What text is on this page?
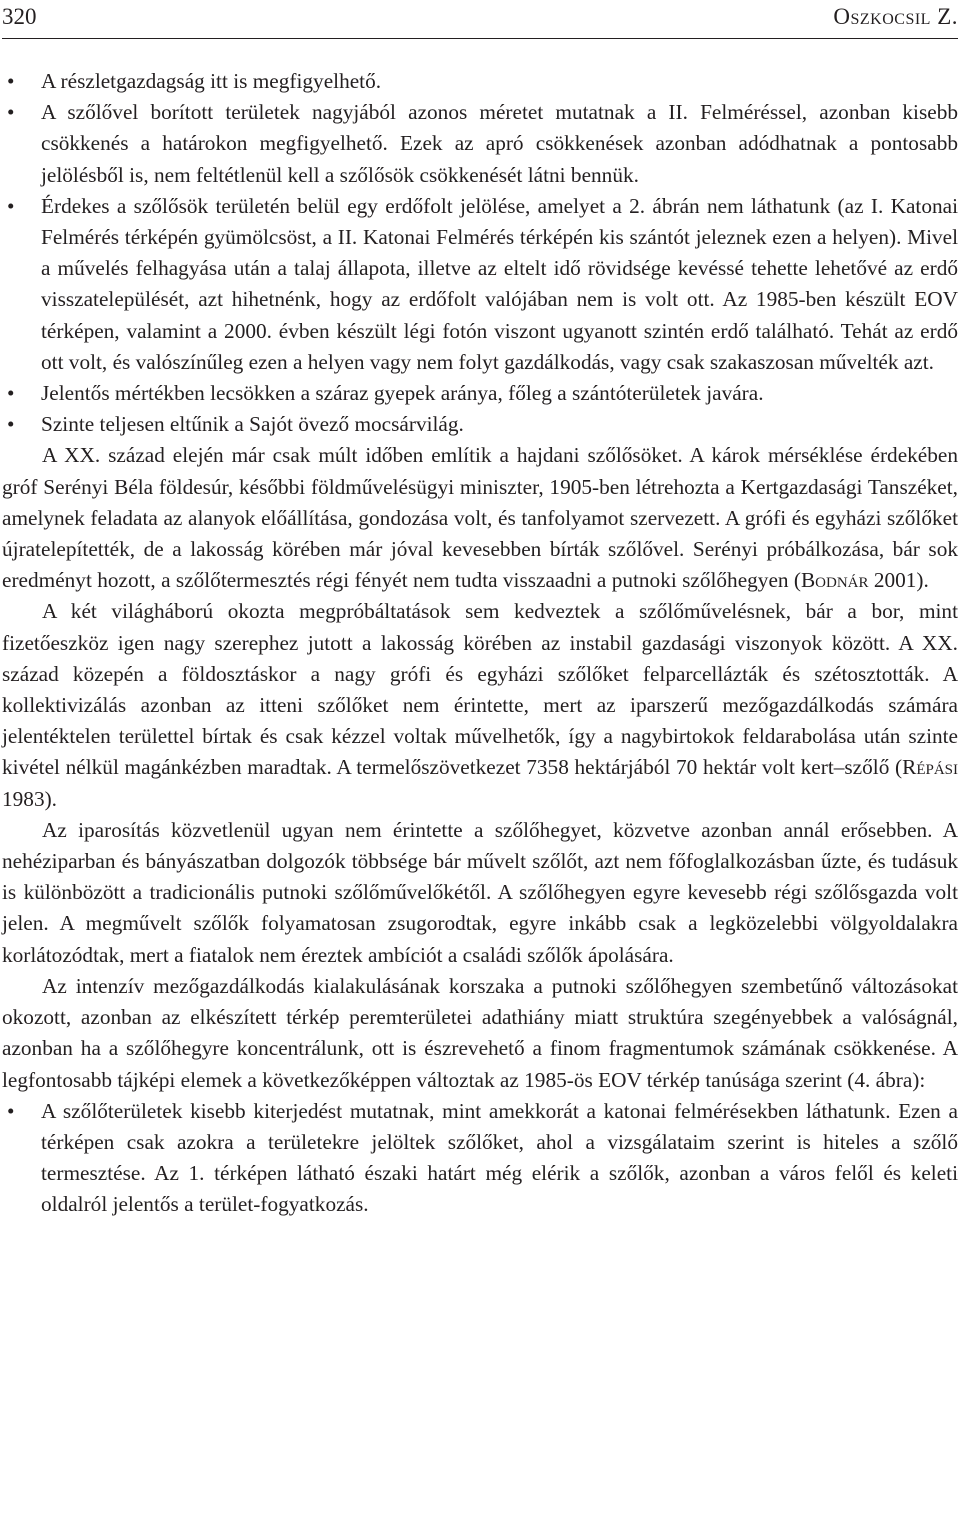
320	Oszkocsil Z.

• A részletgazdagság itt is megfigyelhető.

• A szőlővel borított területek nagyjából azonos méretet mutatnak a II. Felméréssel, azonban kisebb csökkenés a határokon megfigyelhető. Ezek az apró csökkenések azonban adódhatnak a pontosabb jelölésből is, nem feltétlenül kell a szőlősök csökkenését látni bennük.

• Érdekes a szőlősök területén belül egy erdőfolt jelölése, amelyet a 2. ábrán nem láthatunk (az I. Katonai Felmérés térképén gyümölcsöst, a II. Katonai Felmérés térképén kis szántót jeleznek ezen a helyen). Mivel a művelés felhagyása után a talaj állapota, illetve az eltelt idő rövidsége kevéssé tehette lehetővé az erdő visszatelepülését, azt hihetnénk, hogy az erdőfolt valójában nem is volt ott. Az 1985-ben készült EOV térképen, valamint a 2000. évben készült légi fotón viszont ugyanott szintén erdő található. Tehát az erdő ott volt, és valószínűleg ezen a helyen vagy nem folyt gazdálkodás, vagy csak szakaszosan művelték azt.

• Jelentős mértékben lecsökken a száraz gyepek aránya, főleg a szántóterületek javára.

• Szinte teljesen eltűnik a Sajót övező mocsárvilág.

A XX. század elején már csak múlt időben említik a hajdani szőlősöket. A károk mérséklése érdekében gróf Serényi Béla földesúr, későbbi földművelésügyi miniszter, 1905-ben létrehozta a Kertgazdasági Tanszéket, amelynek feladata az alanyok előállítása, gondozása volt, és tanfolyamot szervezett. A grófi és egyházi szőlőket újratelepítették, de a lakosság körében már jóval kevesebben bírták szőlővel. Serényi próbálkozása, bár sok eredményt hozott, a szőlőtermesztés régi fényét nem tudta visszaadni a putnoki szőlőhegyen (Bodnár 2001).

A két világháború okozta megpróbáltatások sem kedveztek a szőlőművelésnek, bár a bor, mint fizetőeszköz igen nagy szerephez jutott a lakosság körében az instabil gazdasági viszonyok között. A XX. század közepén a földosztáskor a nagy grófi és egyházi szőlőket felparcellázták és szétosztották. A kollektivizálás azonban az itteni szőlőket nem érintette, mert az iparszerű mezőgazdálkodás számára jelentéktelen területtel bírtak és csak kézzel voltak művelhetők, így a nagybirtokok feldarabolása után szinte kivétel nélkül magánkézben maradtak. A termelőszövetkezet 7358 hektárjából 70 hektár volt kert–szőlő (Répási 1983).

Az iparosítás közvetlenül ugyan nem érintette a szőlőhegyet, közvetve azonban annál erősebben. A nehéziparban és bányászatban dolgozók többsége bár művelt szőlőt, azt nem főfoglalkozásban űzte, és tudásuk is különbözött a tradicionális putnoki szőlőművelőkétől. A szőlőhegyen egyre kevesebb régi szőlősgazda volt jelen. A megművelt szőlők folyamatosan zsugorodtak, egyre inkább csak a legközelebbi völgyoldalakra korlátozódtak, mert a fiatalok nem éreztek ambíciót a családi szőlők ápolására.

Az intenzív mezőgazdálkodás kialakulásának korszaka a putnoki szőlőhegyen szembetűnő változásokat okozott, azonban az elkészített térkép peremterületei adathiány miatt struktúra szegényebbek a valóságnál, azonban ha a szőlőhegyre koncentrálunk, ott is észrevehető a finom fragmentumok számának csökkenése. A legfontosabb tájképi elemek a következőképpen változtak az 1985-ös EOV térkép tanúsága szerint (4. ábra):

• A szőlőterületek kisebb kiterjedést mutatnak, mint amekkorát a katonai felmérésekben láthatunk. Ezen a térképen csak azokra a területekre jelöltek szőlőket, ahol a vizsgálataim szerint is hiteles a szőlő termesztése. Az 1. térképen látható északi határt még elérik a szőlők, azonban a város felől és keleti oldalról jelentős a terület-fogyatkozás.
